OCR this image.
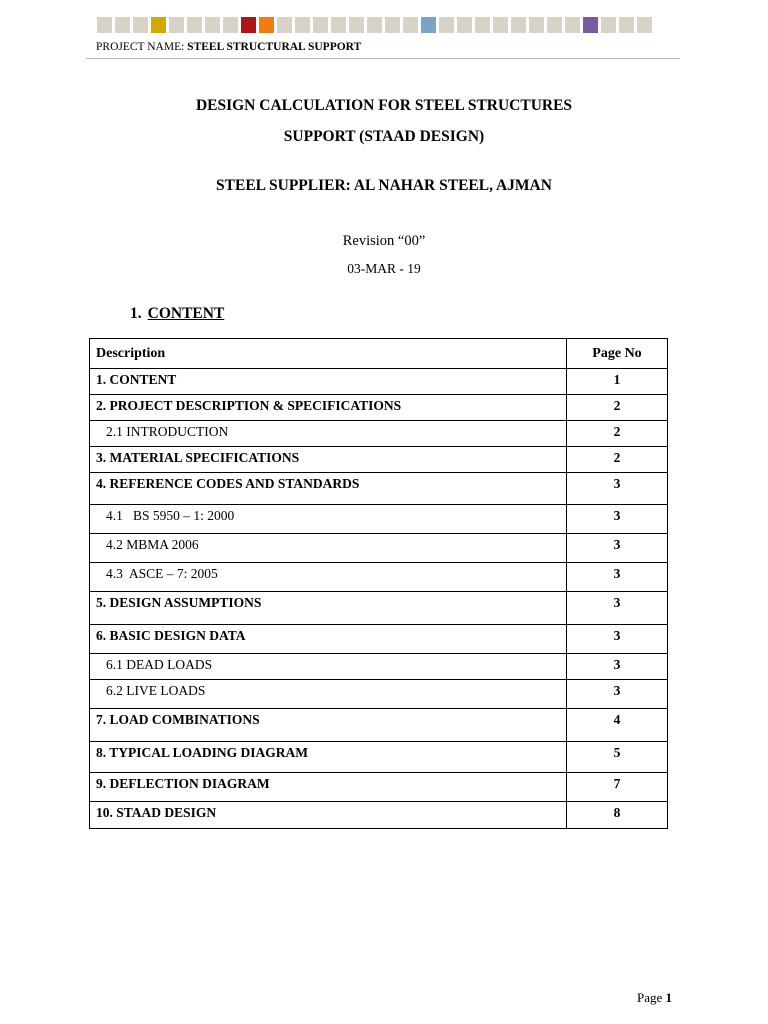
PROJECT NAME: STEEL STRUCTURAL SUPPORT
DESIGN CALCULATION FOR STEEL STRUCTURES
SUPPORT (STAAD DESIGN)
STEEL SUPPLIER: AL NAHAR STEEL, AJMAN
Revision “00”
03-MAR - 19
1. CONTENT
Description	Page No
1. CONTENT	1
2. PROJECT DESCRIPTION & SPECIFICATIONS	2
2.1 INTRODUCTION	2
3. MATERIAL SPECIFICATIONS	2
4. REFERENCE CODES AND STANDARDS	3
4.1   BS 5950 – 1: 2000	3
4.2 MBMA 2006	3
4.3  ASCE – 7: 2005	3
5. DESIGN ASSUMPTIONS	3
6. BASIC DESIGN DATA	3
6.1 DEAD LOADS	3
6.2 LIVE LOADS	3
7. LOAD COMBINATIONS	4
8. TYPICAL LOADING DIAGRAM	5
9. DEFLECTION DIAGRAM	7
10. STAAD DESIGN	8
Page 1
